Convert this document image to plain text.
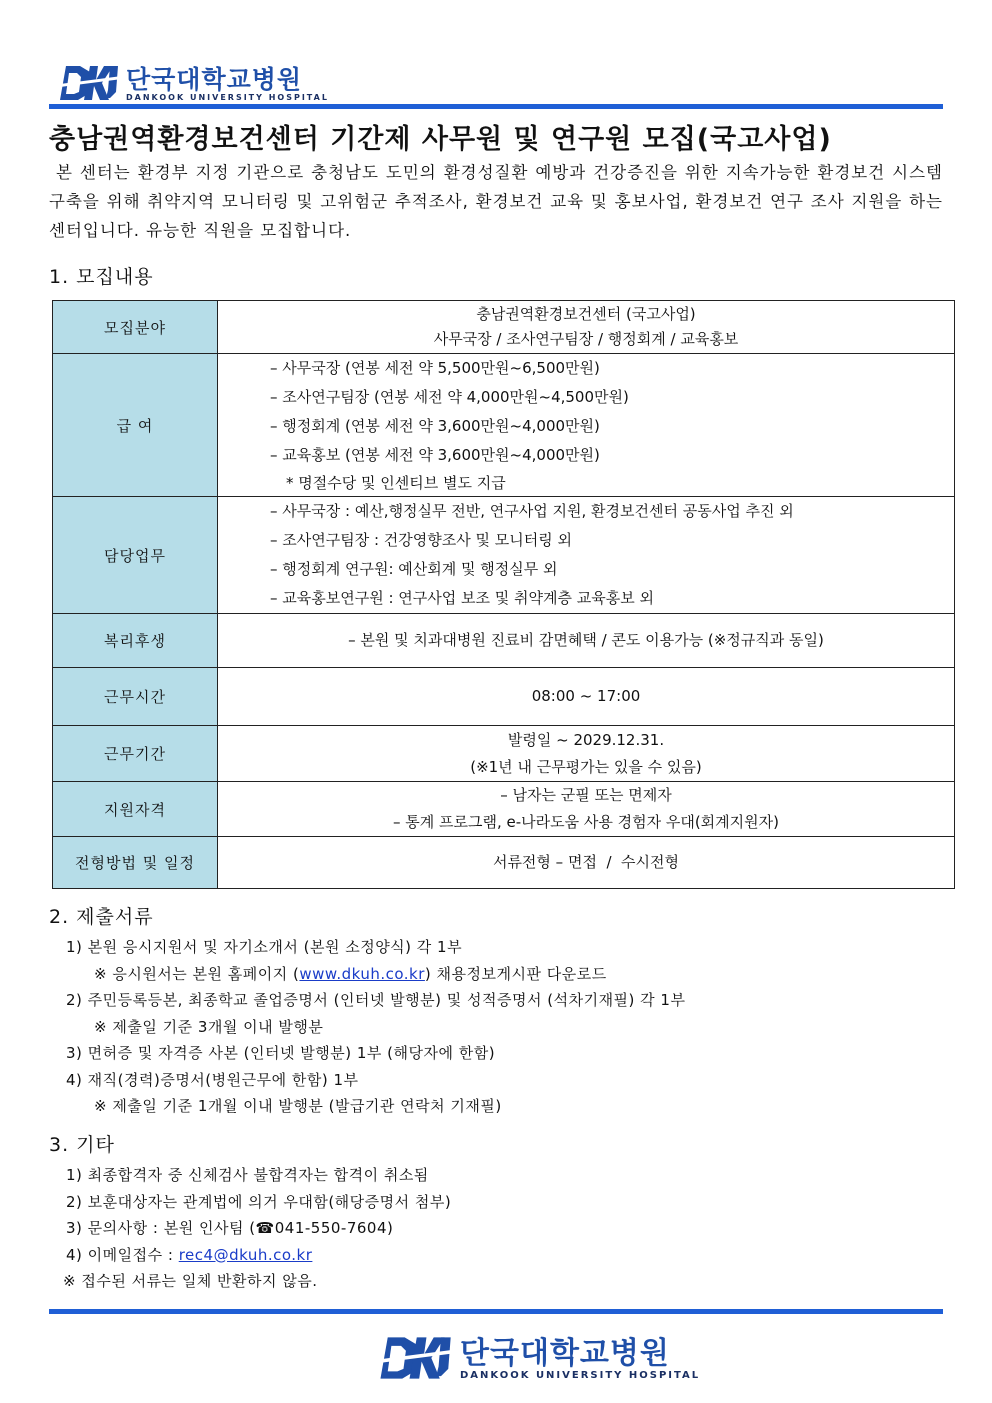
단국대학교병원
DANKOOK UNIVERSITY HOSPITAL
충남권역환경보건센터 기간제 사무원 및 연구원 모집(국고사업)
본 센터는 환경부 지정 기관으로 충청남도 도민의 환경성질환 예방과 건강증진을 위한 지속가능한 환경보건 시스템 구축을 위해 취약지역 모니터링 및 고위험군 추적조사, 환경보건 교육 및 홍보사업, 환경보건 연구 조사 지원을 하는 센터입니다. 유능한 직원을 모집합니다.
1. 모집내용
모집분야	충남권역환경보건센터 (국고사업)
사무국장 / 조사연구팀장 / 행정회계 / 교육홍보

급 여	– 사무국장 (연봉 세전 약 5,500만원~6,500만원)
– 조사연구팀장 (연봉 세전 약 4,000만원~4,500만원)
– 행정회계 (연봉 세전 약 3,600만원~4,000만원)
– 교육홍보 (연봉 세전 약 3,600만원~4,000만원)
* 명절수당 및 인센티브 별도 지급

담당업무	– 사무국장 : 예산,행정실무 전반, 연구사업 지원, 환경보건센터 공동사업 추진 외
– 조사연구팀장 : 건강영향조사 및 모니터링 외
– 행정회계 연구원: 예산회계 및 행정실무 외
– 교육홍보연구원 : 연구사업 보조 및 취약계층 교육홍보 외

복리후생	– 본원 및 치과대병원 진료비 감면혜택 / 콘도 이용가능 (※정규직과 동일)

근무시간	08:00 ~ 17:00

근무기간	발령일 ~ 2029.12.31.
(※1년 내 근무평가는 있을 수 있음)

지원자격	– 남자는 군필 또는 면제자
– 통계 프로그램, e-나라도움 사용 경험자 우대(회계지원자)

전형방법 및 일정	서류전형 – 면접  /  수시전형
2. 제출서류
1) 본원 응시지원서 및 자기소개서 (본원 소정양식) 각 1부
※ 응시원서는 본원 홈페이지 (www.dkuh.co.kr) 채용정보게시판 다운로드
2) 주민등록등본, 최종학교 졸업증명서 (인터넷 발행분) 및 성적증명서 (석차기재필) 각 1부
※ 제출일 기준 3개월 이내 발행분
3) 면허증 및 자격증 사본 (인터넷 발행분) 1부 (해당자에 한함)
4) 재직(경력)증명서(병원근무에 한함) 1부
※ 제출일 기준 1개월 이내 발행분 (발급기관 연락처 기재필)
3. 기타
1) 최종합격자 중 신체검사 불합격자는 합격이 취소됨
2) 보훈대상자는 관계법에 의거 우대함(해당증명서 첨부)
3) 문의사항 : 본원 인사팀 (☎041-550-7604)
4) 이메일접수 : rec4@dkuh.co.kr
※ 접수된 서류는 일체 반환하지 않음.
단국대학교병원
DANKOOK UNIVERSITY HOSPITAL
